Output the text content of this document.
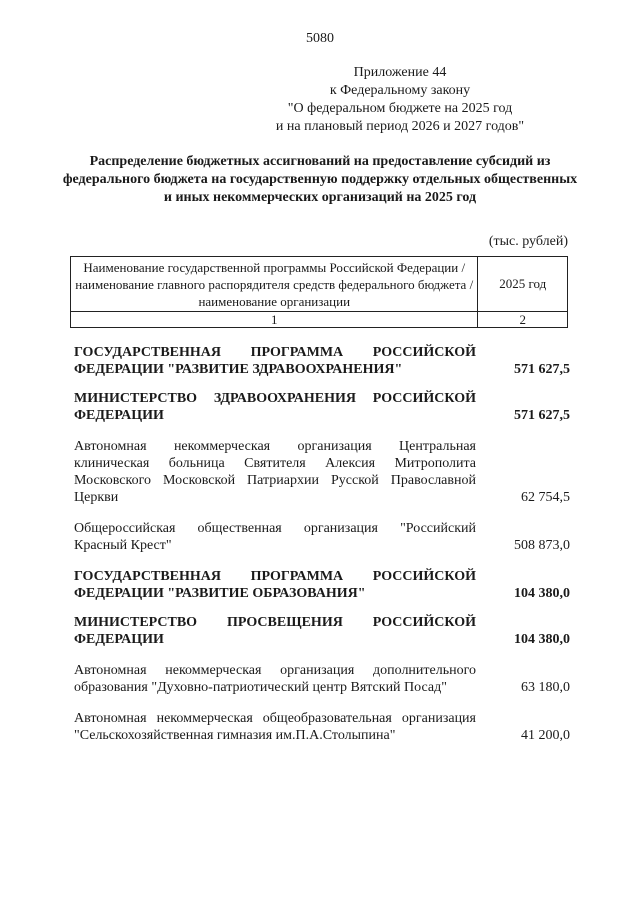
5080
Приложение 44
к Федеральному закону
"О федеральном бюджете на 2025 год
и на плановый период 2026 и 2027 годов"
Распределение бюджетных ассигнований на предоставление субсидий из федерального бюджета на государственную поддержку отдельных общественных и иных некоммерческих организаций на 2025 год
(тыс. рублей)
Наименование государственной программы Российской Федерации / наименование главного распорядителя средств федерального бюджета / наименование организации	2025 год
1	2
ГОСУДАРСТВЕННАЯ ПРОГРАММА РОССИЙСКОЙ ФЕДЕРАЦИИ "РАЗВИТИЕ ЗДРАВООХРАНЕНИЯ"	571 627,5
МИНИСТЕРСТВО ЗДРАВООХРАНЕНИЯ РОССИЙСКОЙ ФЕДЕРАЦИИ	571 627,5
Автономная некоммерческая организация Центральная клиническая больница Святителя Алексия Митрополита Московского Московской Патриархии Русской Православной Церкви	62 754,5
Общероссийская общественная организация "Российский Красный Крест"	508 873,0
ГОСУДАРСТВЕННАЯ ПРОГРАММА РОССИЙСКОЙ ФЕДЕРАЦИИ "РАЗВИТИЕ ОБРАЗОВАНИЯ"	104 380,0
МИНИСТЕРСТВО ПРОСВЕЩЕНИЯ РОССИЙСКОЙ ФЕДЕРАЦИИ	104 380,0
Автономная некоммерческая организация дополнительного образования "Духовно-патриотический центр Вятский Посад"	63 180,0
Автономная некоммерческая общеобразовательная организация "Сельскохозяйственная гимназия им.П.А.Столыпина"	41 200,0
